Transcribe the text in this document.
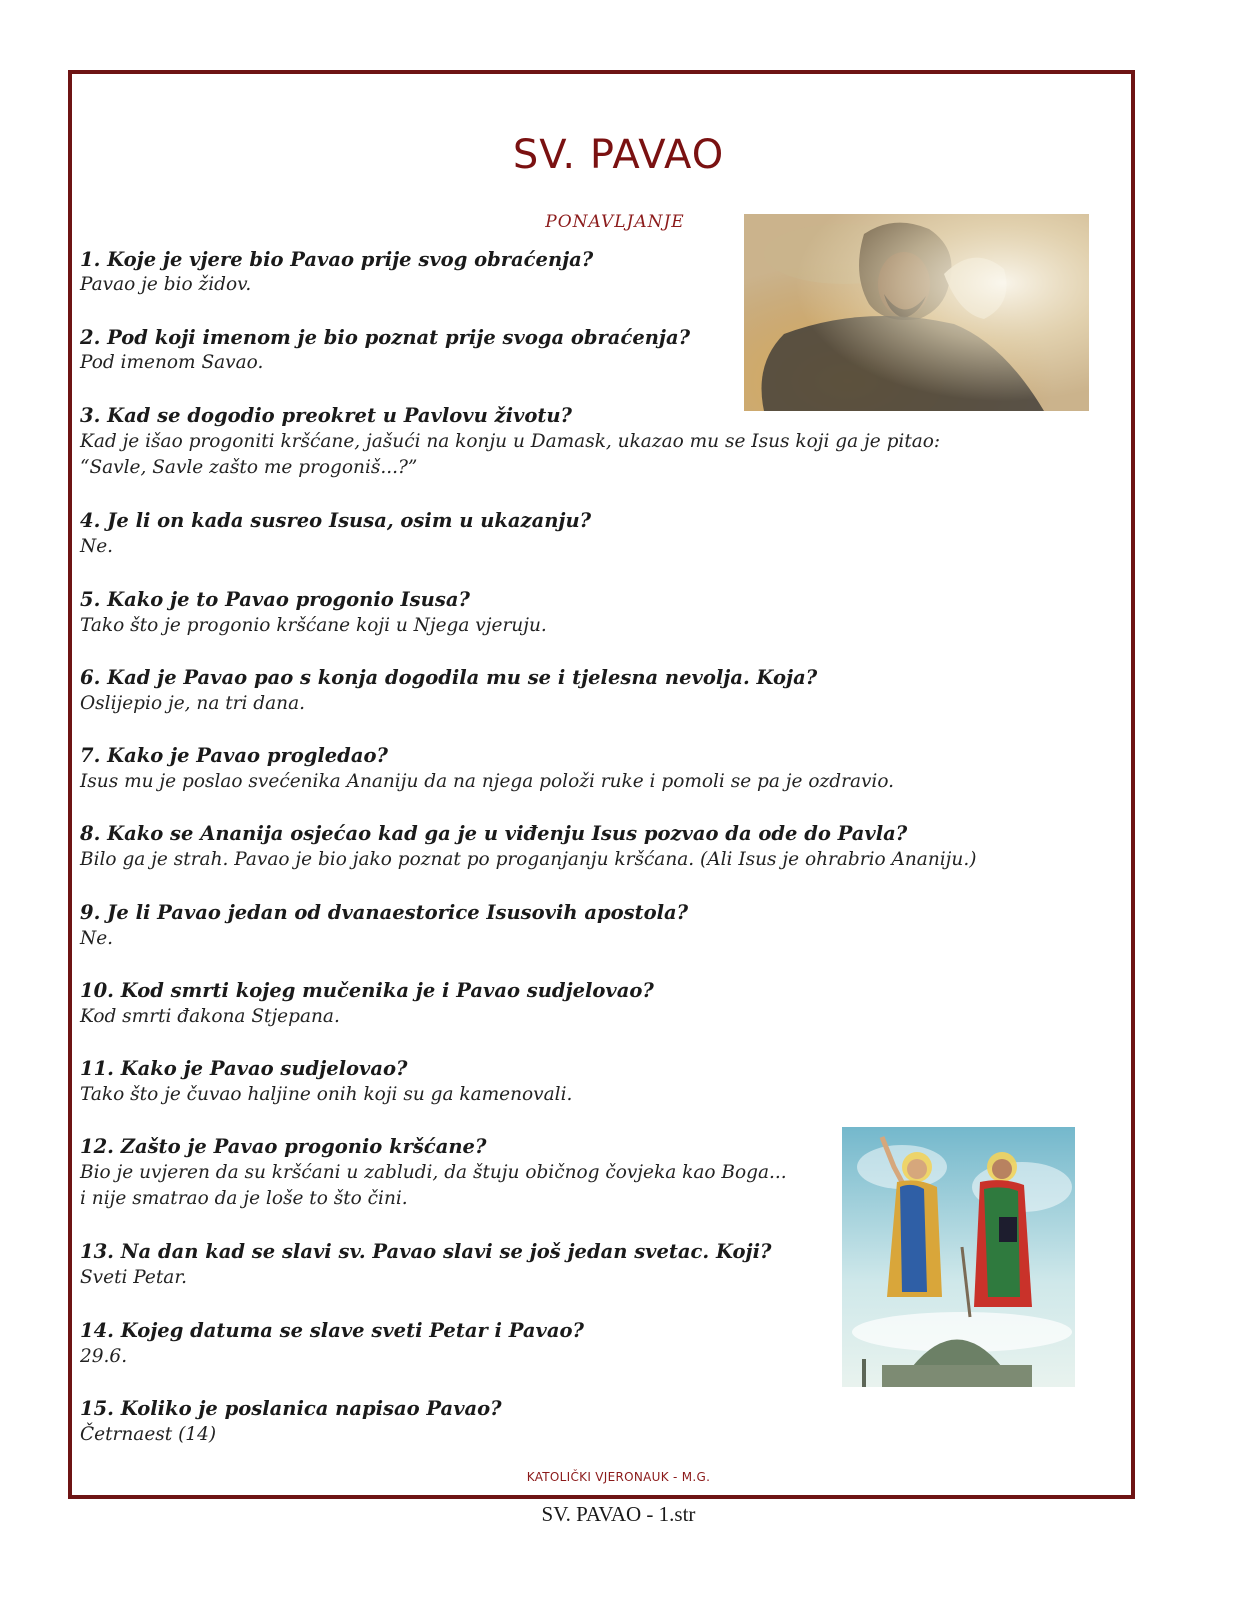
SV. PAVAO
PONAVLJANJE
1. Koje je vjere bio Pavao prije svog obraćenja?
Pavao je bio židov.
2. Pod koji imenom je bio poznat prije svoga obraćenja?
Pod imenom Savao.
3. Kad se dogodio preokret u Pavlovu životu?
Kad je išao progoniti kršćane, jašući na konju u Damask, ukazao mu se Isus koji ga je pitao:
“Savle, Savle zašto me progoniš...?”
4. Je li on kada susreo Isusa, osim u ukazanju?
Ne.
5. Kako je to Pavao progonio Isusa?
Tako što je progonio kršćane koji u Njega vjeruju.
6. Kad je Pavao pao s konja dogodila mu se i tjelesna nevolja. Koja?
Oslijepio je, na tri dana.
7. Kako je Pavao progledao?
Isus mu je poslao svećenika Ananiju da na njega položi ruke i pomoli se pa je ozdravio.
8. Kako se Ananija osjećao kad ga je u viđenju Isus pozvao da ode do Pavla?
Bilo ga je strah. Pavao je bio jako poznat po proganjanju kršćana. (Ali Isus je ohrabrio Ananiju.)
9. Je li Pavao jedan od dvanaestorice Isusovih apostola?
Ne.
10. Kod smrti kojeg mučenika je i Pavao sudjelovao?
Kod smrti đakona Stjepana.
11. Kako je Pavao sudjelovao?
Tako što je čuvao haljine onih koji su ga kamenovali.
12. Zašto je Pavao progonio kršćane?
Bio je uvjeren da su kršćani u zabludi, da štuju običnog čovjeka kao Boga...
i nije smatrao da je loše to što čini.
13. Na dan kad se slavi sv. Pavao slavi se još jedan svetac. Koji?
Sveti Petar.
14. Kojeg datuma se slave sveti Petar i Pavao?
29.6.
15. Koliko je poslanica napisao Pavao?
Četrnaest (14)
KATOLIČKI VJERONAUK - M.G.
SV. PAVAO - 1.str
